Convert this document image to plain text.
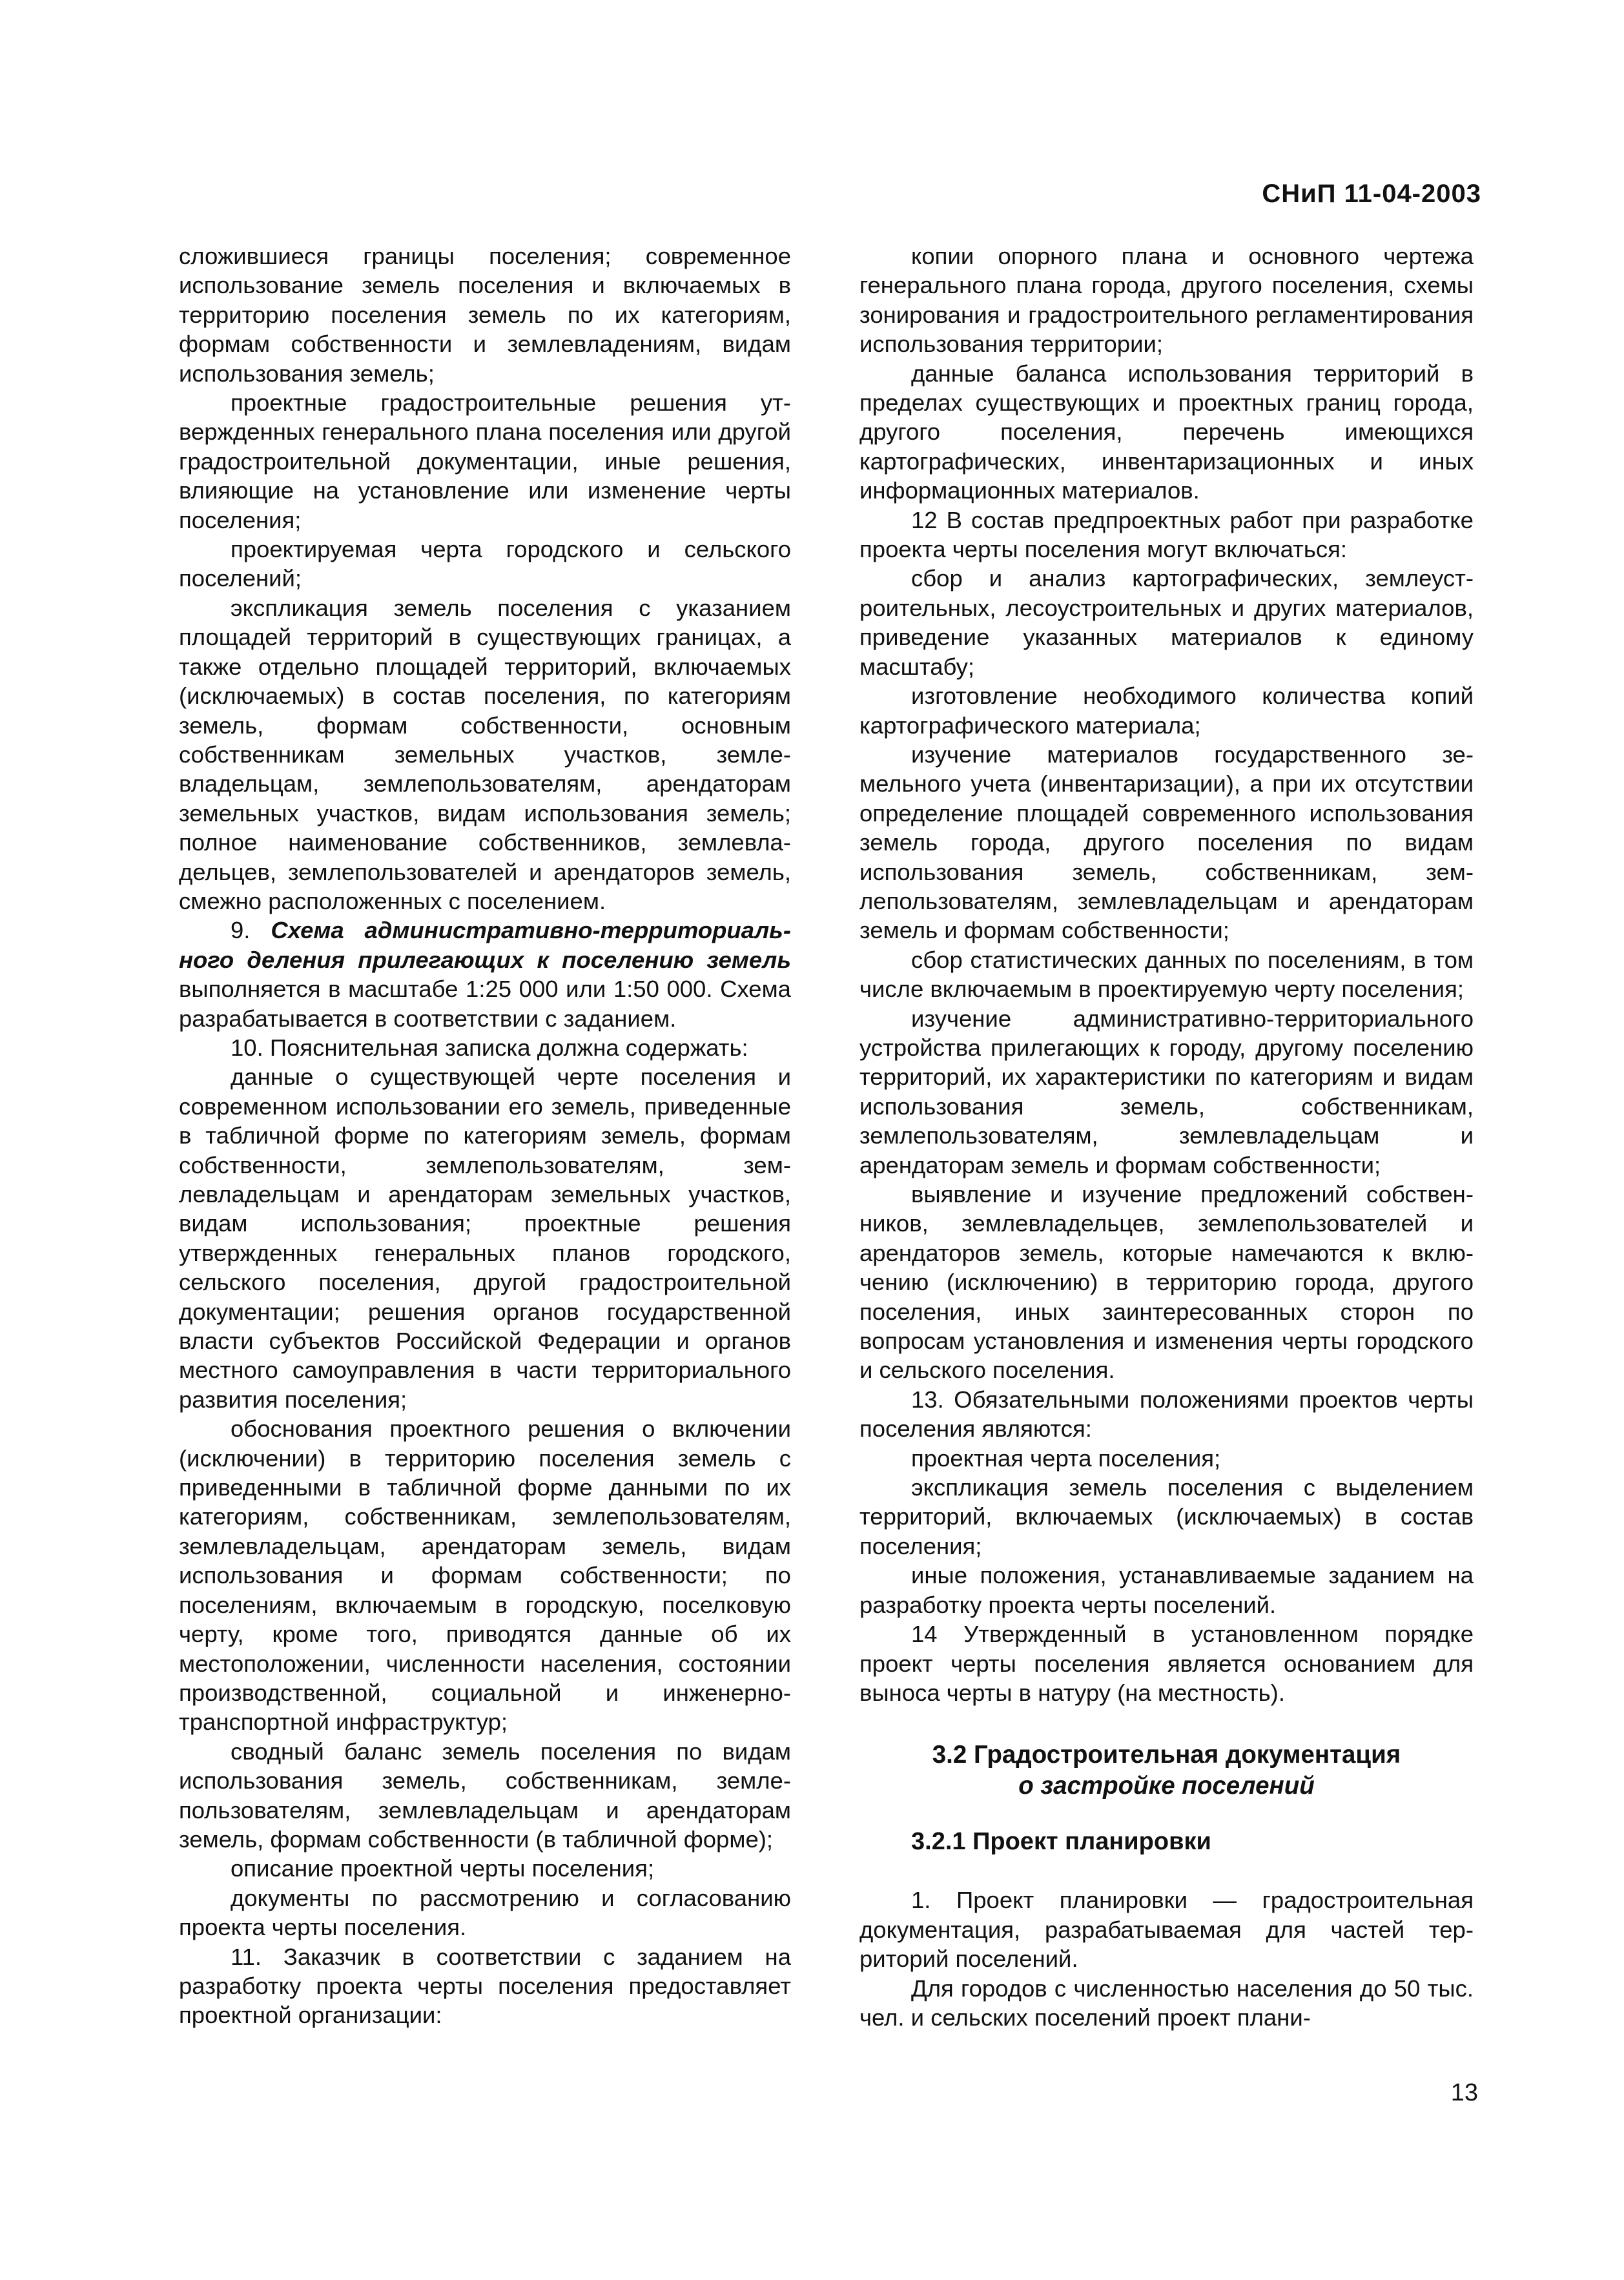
СНиП 11-04-2003

сложившиеся границы поселения; современное использование земель поселения и включаемых в территорию поселения земель по их категориям, формам собственности и землевладениям, видам использования земель;

проектные градостроительные решения утвержденных генерального плана поселения или другой градостроительной документации, иные решения, влияющие на установление или изменение черты поселения;

проектируемая черта городского и сельского поселений;

экспликация земель поселения с указанием площадей территорий в существующих границах, а также отдельно площадей территорий, включаемых (исключаемых) в состав поселения, по категориям земель, формам собственности, основным собственникам земельных участков, землевладельцам, землепользователям, арендаторам земельных участков, видам использования земель; полное наименование собственников, землевладельцев, землепользователей и арендаторов земель, смежно расположенных с поселением.

9. Схема административно-территориального деления прилегающих к поселению земель выполняется в масштабе 1:25 000 или 1:50 000. Схема разрабатывается в соответствии с заданием.

10. Пояснительная записка должна содержать:

данные о существующей черте поселения и современном использовании его земель, приведенные в табличной форме по категориям земель, формам собственности, землепользователям, землевладельцам и арендаторам земельных участков, видам использования; проектные решения утвержденных генеральных планов городского, сельского поселения, другой градостроительной документации; решения органов государственной власти субъектов Российской Федерации и органов местного самоуправления в части территориального развития поселения;

обоснования проектного решения о включении (исключении) в территорию поселения земель с приведенными в табличной форме данными по их категориям, собственникам, землепользователям, землевладельцам, арендаторам земель, видам использования и формам собственности; по поселениям, включаемым в городскую, поселковую черту, кроме того, приводятся данные об их местоположении, численности населения, состоянии производственной, социальной и инженерно-транспортной инфраструктур;

сводный баланс земель поселения по видам использования земель, собственникам, землепользователям, землевладельцам и арендаторам земель, формам собственности (в табличной форме);

описание проектной черты поселения;

документы по рассмотрению и согласованию проекта черты поселения.

11. Заказчик в соответствии с заданием на разработку проекта черты поселения предоставляет проектной организации:

копии опорного плана и основного чертежа генерального плана города, другого поселения, схемы зонирования и градостроительного регламентирования использования территории;

данные баланса использования территорий в пределах существующих и проектных границ города, другого поселения, перечень имеющихся картографических, инвентаризационных и иных информационных материалов.

12 В состав предпроектных работ при разработке проекта черты поселения могут включаться:

сбор и анализ картографических, землеустроительных, лесоустроительных и других материалов, приведение указанных материалов к единому масштабу;

изготовление необходимого количества копий картографического материала;

изучение материалов государственного земельного учета (инвентаризации), а при их отсутствии определение площадей современного использования земель города, другого поселения по видам использования земель, собственникам, землепользователям, землевладельцам и арендаторам земель и формам собственности;

сбор статистических данных по поселениям, в том числе включаемым в проектируемую черту поселения;

изучение административно-территориального устройства прилегающих к городу, другому поселению территорий, их характеристики по категориям и видам использования земель, собственникам, землепользователям, землевладельцам и арендаторам земель и формам собственности;

выявление и изучение предложений собственников, землевладельцев, землепользователей и арендаторов земель, которые намечаются к включению (исключению) в территорию города, другого поселения, иных заинтересованных сторон по вопросам установления и изменения черты городского и сельского поселения.

13. Обязательными положениями проектов черты поселения являются:

проектная черта поселения;

экспликация земель поселения с выделением территорий, включаемых (исключаемых) в состав поселения;

иные положения, устанавливаемые заданием на разработку проекта черты поселений.

14 Утвержденный в установленном порядке проект черты поселения является основанием для выноса черты в натуру (на местность).

3.2 Градостроительная документация
о застройке поселений
3.2.1 Проект планировки

1. Проект планировки — градостроительная документация, разрабатываемая для частей территорий поселений.

Для городов с численностью населения до 50 тыс. чел. и сельских поселений проект плани-

13
